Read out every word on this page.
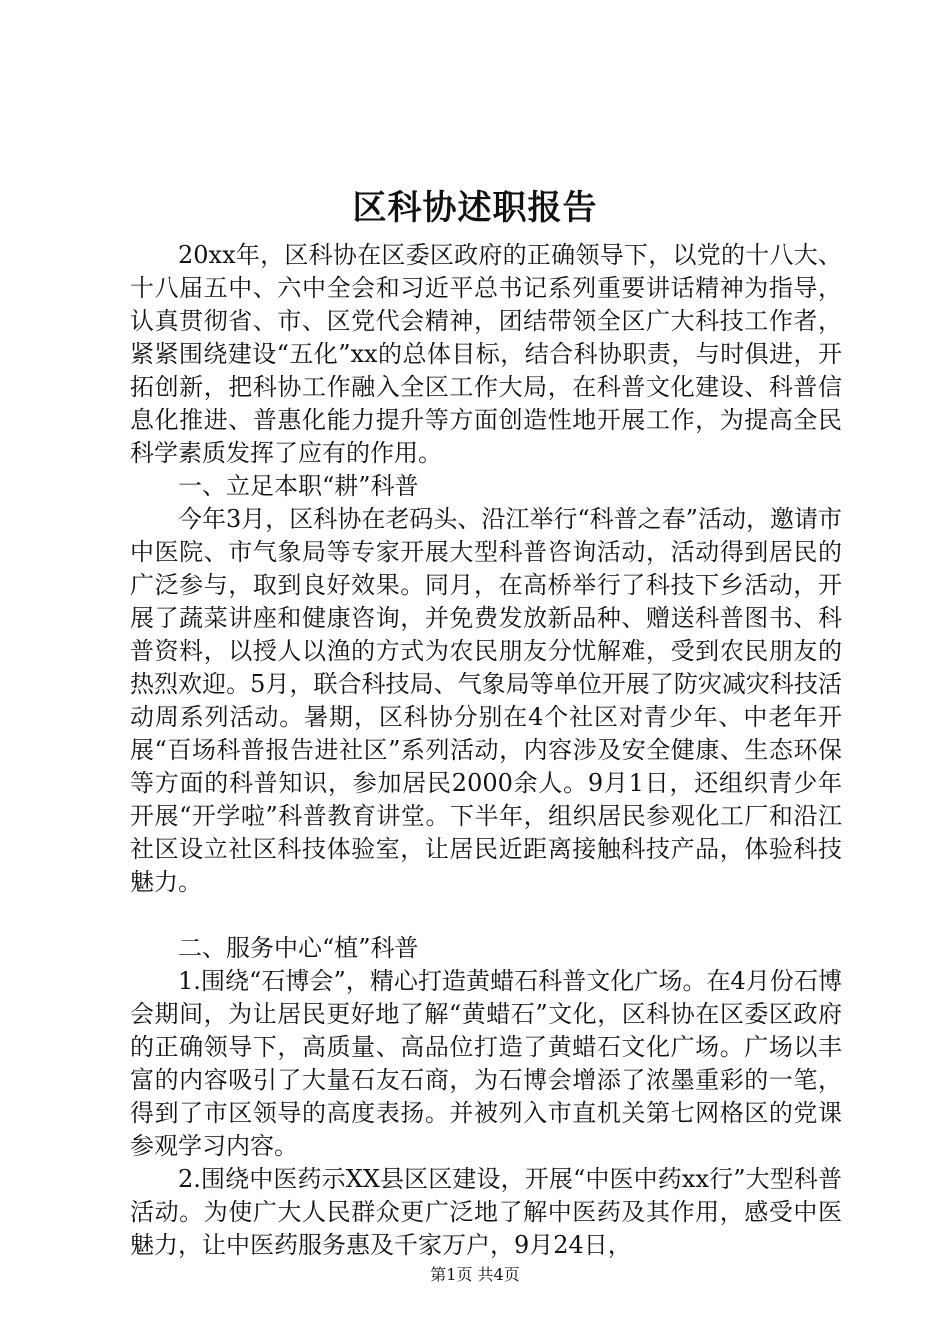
区科协述职报告

20xx年，区科协在区委区政府的正确领导下，以党的十八大、十八届五中、六中全会和习近平总书记系列重要讲话精神为指导，认真贯彻省、市、区党代会精神，团结带领全区广大科技工作者，紧紧围绕建设“五化”xx的总体目标，结合科协职责，与时俱进，开拓创新，把科协工作融入全区工作大局，在科普文化建设、科普信息化推进、普惠化能力提升等方面创造性地开展工作，为提高全民科学素质发挥了应有的作用。

一、立足本职“耕”科普

今年3月，区科协在老码头、沿江举行“科普之春”活动，邀请市中医院、市气象局等专家开展大型科普咨询活动，活动得到居民的广泛参与，取到良好效果。同月，在高桥举行了科技下乡活动，开展了蔬菜讲座和健康咨询，并免费发放新品种、赠送科普图书、科普资料，以授人以渔的方式为农民朋友分忧解难，受到农民朋友的热烈欢迎。5月，联合科技局、气象局等单位开展了防灾减灾科技活动周系列活动。暑期，区科协分别在4个社区对青少年、中老年开展“百场科普报告进社区”系列活动，内容涉及安全健康、生态环保等方面的科普知识，参加居民2000余人。9月1日，还组织青少年开展“开学啦”科普教育讲堂。下半年，组织居民参观化工厂和沿江社区设立社区科技体验室，让居民近距离接触科技产品，体验科技魅力。

二、服务中心“植”科普

1.围绕“石博会”，精心打造黄蜡石科普文化广场。在4月份石博会期间，为让居民更好地了解“黄蜡石”文化，区科协在区委区政府的正确领导下，高质量、高品位打造了黄蜡石文化广场。广场以丰富的内容吸引了大量石友石商，为石博会增添了浓墨重彩的一笔，得到了市区领导的高度表扬。并被列入市直机关第七网格区的党课参观学习内容。

2.围绕中医药示XX县区区建设，开展“中医中药xx行”大型科普活动。为使广大人民群众更广泛地了解中医药及其作用，感受中医魅力，让中医药服务惠及千家万户，9月24日，

第1页 共4页
